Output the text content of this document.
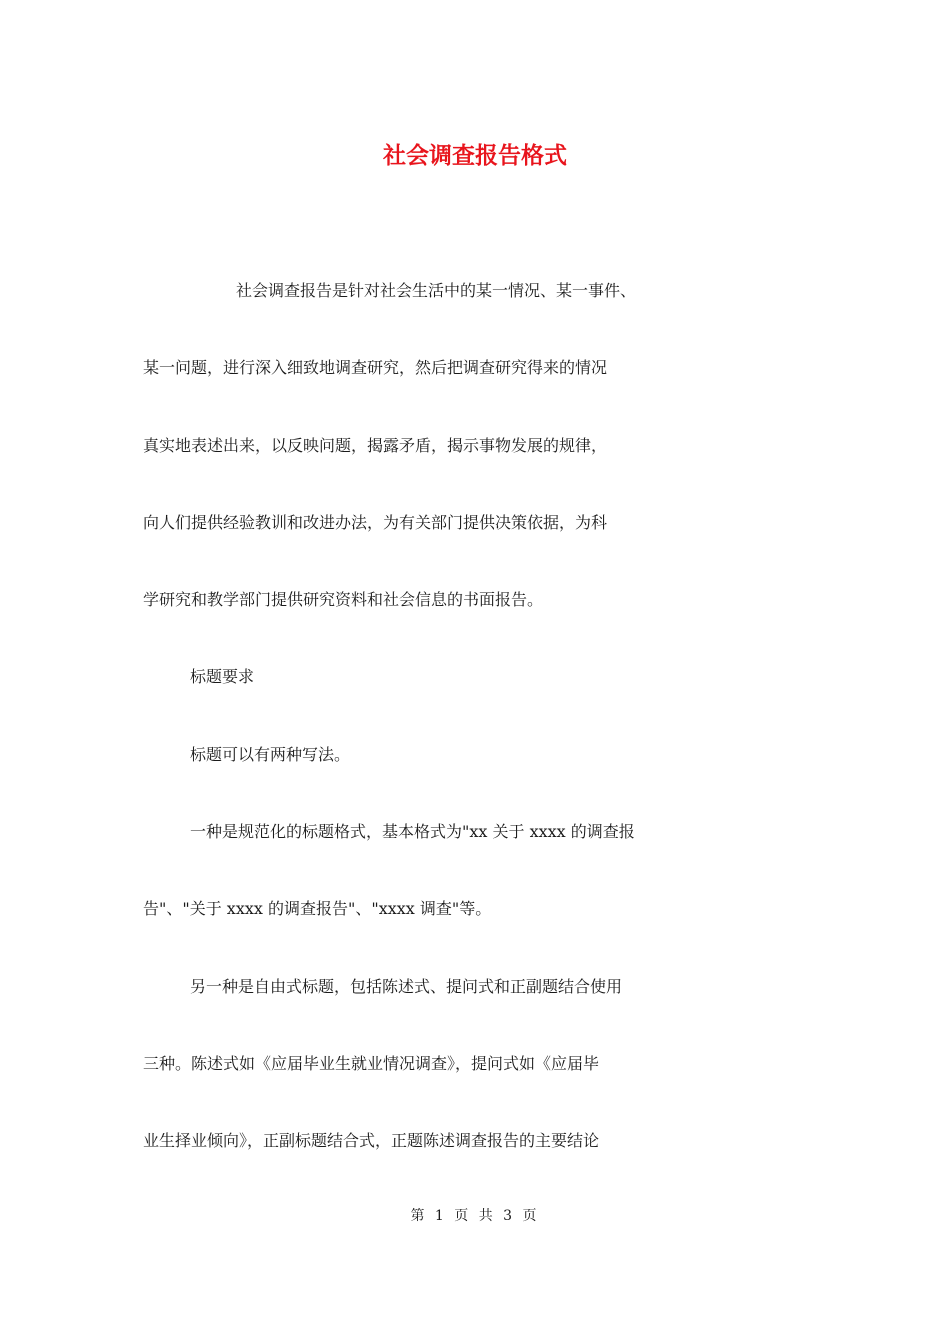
社会调查报告格式
社会调查报告是针对社会生活中的某一情况、某一事件、
某一问题，进行深入细致地调查研究，然后把调查研究得来的情况
真实地表述出来，以反映问题，揭露矛盾，揭示事物发展的规律，
向人们提供经验教训和改进办法，为有关部门提供决策依据，为科
学研究和教学部门提供研究资料和社会信息的书面报告。
标题要求
标题可以有两种写法。
一种是规范化的标题格式，基本格式为"xx 关于 xxxx 的调查报
告"、"关于 xxxx 的调查报告"、"xxxx 调查"等。
另一种是自由式标题，包括陈述式、提问式和正副题结合使用
三种。陈述式如《应届毕业生就业情况调查》，提问式如《应届毕
业生择业倾向》，正副标题结合式，正题陈述调查报告的主要结论
第 1 页 共 3 页
